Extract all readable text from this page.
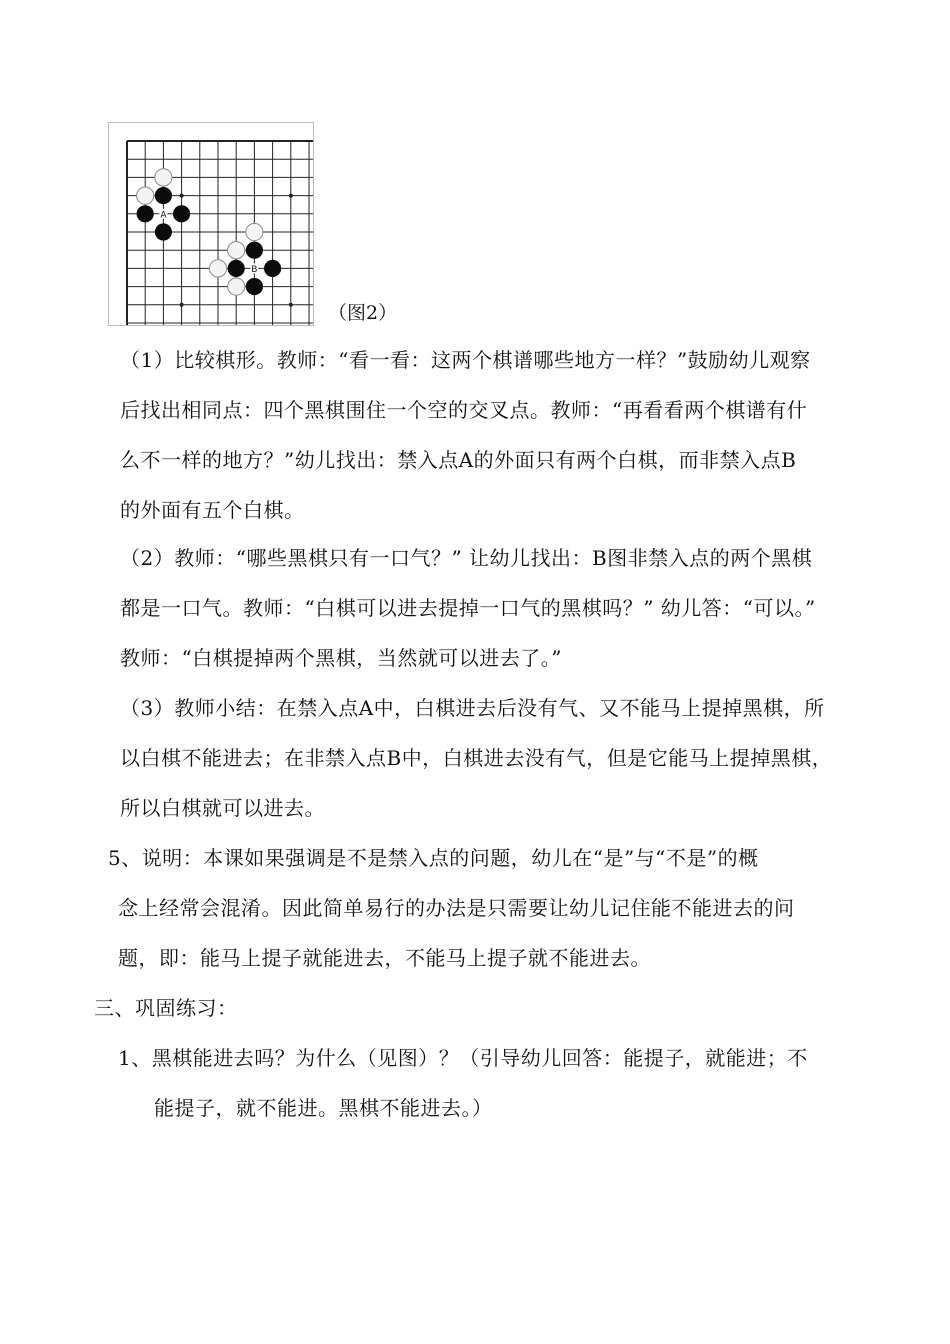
A
B
（图2）
（1）比较棋形。教师：“看一看：这两个棋谱哪些地方一样？”鼓励幼儿观察
后找出相同点：四个黑棋围住一个空的交叉点。教师：“再看看两个棋谱有什
么不一样的地方？”幼儿找出：禁入点A的外面只有两个白棋，而非禁入点B
的外面有五个白棋。
（2）教师：“哪些黑棋只有一口气？” 让幼儿找出：B图非禁入点的两个黑棋
都是一口气。教师：“白棋可以进去提掉一口气的黑棋吗？” 幼儿答：“可以。”
教师：“白棋提掉两个黑棋，当然就可以进去了。”
（3）教师小结：在禁入点A中，白棋进去后没有气、又不能马上提掉黑棋，所
以白棋不能进去；在非禁入点B中，白棋进去没有气，但是它能马上提掉黑棋，
所以白棋就可以进去。
5、说明：本课如果强调是不是禁入点的问题，幼儿在“是”与“不是”的概
念上经常会混淆。因此简单易行的办法是只需要让幼儿记住能不能进去的问
题，即：能马上提子就能进去，不能马上提子就不能进去。
三、巩固练习：
1、黑棋能进去吗？为什么（见图）？（引导幼儿回答：能提子，就能进；不
能提子，就不能进。黑棋不能进去。）
